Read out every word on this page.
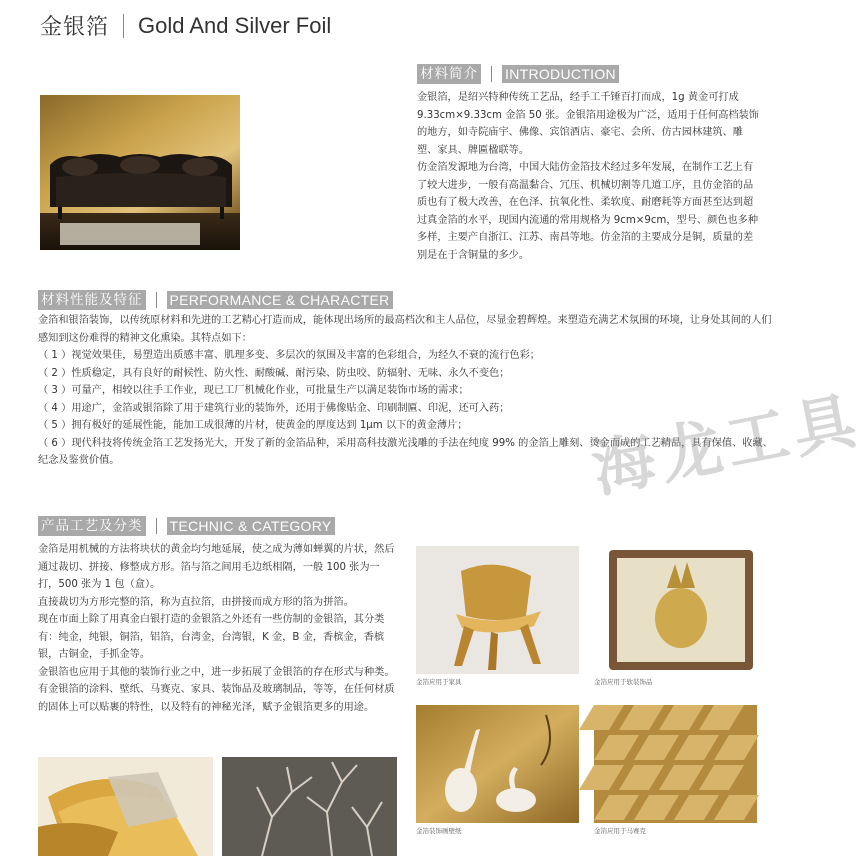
金银箔 Gold And Silver Foil
材料简介 INTRODUCTION

金银箔，是绍兴特种传统工艺品，经手工千锤百打而成，1g 黄金可打成 9.33cm×9.33cm 金箔 50 张。金银箔用途极为广泛，适用于任何高档装饰的地方，如寺院庙宇、佛像、宾馆酒店、豪宅、会所、仿古园林建筑、雕塑、家具、牌匾楹联等。

仿金箔发源地为台湾，中国大陆仿金箔技术经过多年发展，在制作工艺上有了较大进步，一般有高温黏合、冗压、机械切割等几道工序，且仿金箔的品质也有了极大改善，在色泽、抗氧化性、柔软度、耐磨耗等方面甚至达到超过真金箔的水平，现国内流通的常用规格为 9cm×9cm，型号、颜色也多种多样，主要产自浙江、江苏、南昌等地。仿金箔的主要成分是铜，质量的差别是在于含铜量的多少。

材料性能及特征 PERFORMANCE & CHARACTER

金箔和银箔装饰，以传统原材料和先进的工艺精心打造而成，能体现出场所的最高档次和主人品位，尽显金碧辉煌。来塑造充满艺术氛围的环境，让身处其间的人们感知到这份难得的精神文化熏染。其特点如下：

（ 1 ）视觉效果佳，易塑造出质感丰富、肌理多变、多层次的氛围及丰富的色彩组合，为经久不衰的流行色彩；

（ 2 ）性质稳定，具有良好的耐候性、防火性、耐酸碱、耐污染、防虫咬、防辐射、无味、永久不变色；

（ 3 ）可量产，相较以往手工作业，现已工厂机械化作业，可批量生产以满足装饰市场的需求；

（ 4 ）用途广，金箔或银箔除了用于建筑行业的装饰外，还用于佛像贴金、印刷制匾、印泥，还可入药；

（ 5 ）拥有极好的延展性能，能加工成很薄的片材，使黄金的厚度达到 1μm 以下的黄金薄片；

（ 6 ）现代科技将传统金箔工艺发扬光大，开发了新的金箔品种，采用高科技激光浅雕的手法在纯度 99% 的金箔上雕刻、烫金而成的工艺精品，具有保值、收藏、纪念及鉴赏价值。

产品工艺及分类 TECHNIC & CATEGORY

金箔是用机械的方法将块状的黄金均匀地延展，使之成为薄如蝉翼的片状，然后通过裁切、拼接、修整成方形。箔与箔之间用毛边纸相隔，一般 100 张为一打，500 张为 1 包（盒）。

直接裁切为方形完整的箔，称为直拉箔，由拼接而成方形的箔为拼箔。

现在市面上除了用真金白银打造的金银箔之外还有一些仿制的金银箔，其分类有：纯金，纯银，铜箔，铝箔，台湾金，台湾银，K 金，B 金，香槟金，香槟银，古铜金，手抓金等。

金银箔也应用于其他的装饰行业之中，进一步拓展了金银箔的存在形式与种类。有金银箔的涂料、壁纸、马赛克、家具、装饰品及玻璃制品，等等，在任何材质的固体上可以贴裹的特性，以及特有的神秘光泽，赋予金银箔更多的用途。

金箔应用于家具	金箔应用于软装饰品
金箔装饰画壁纸	金箔应用于马赛克
海龙工具
